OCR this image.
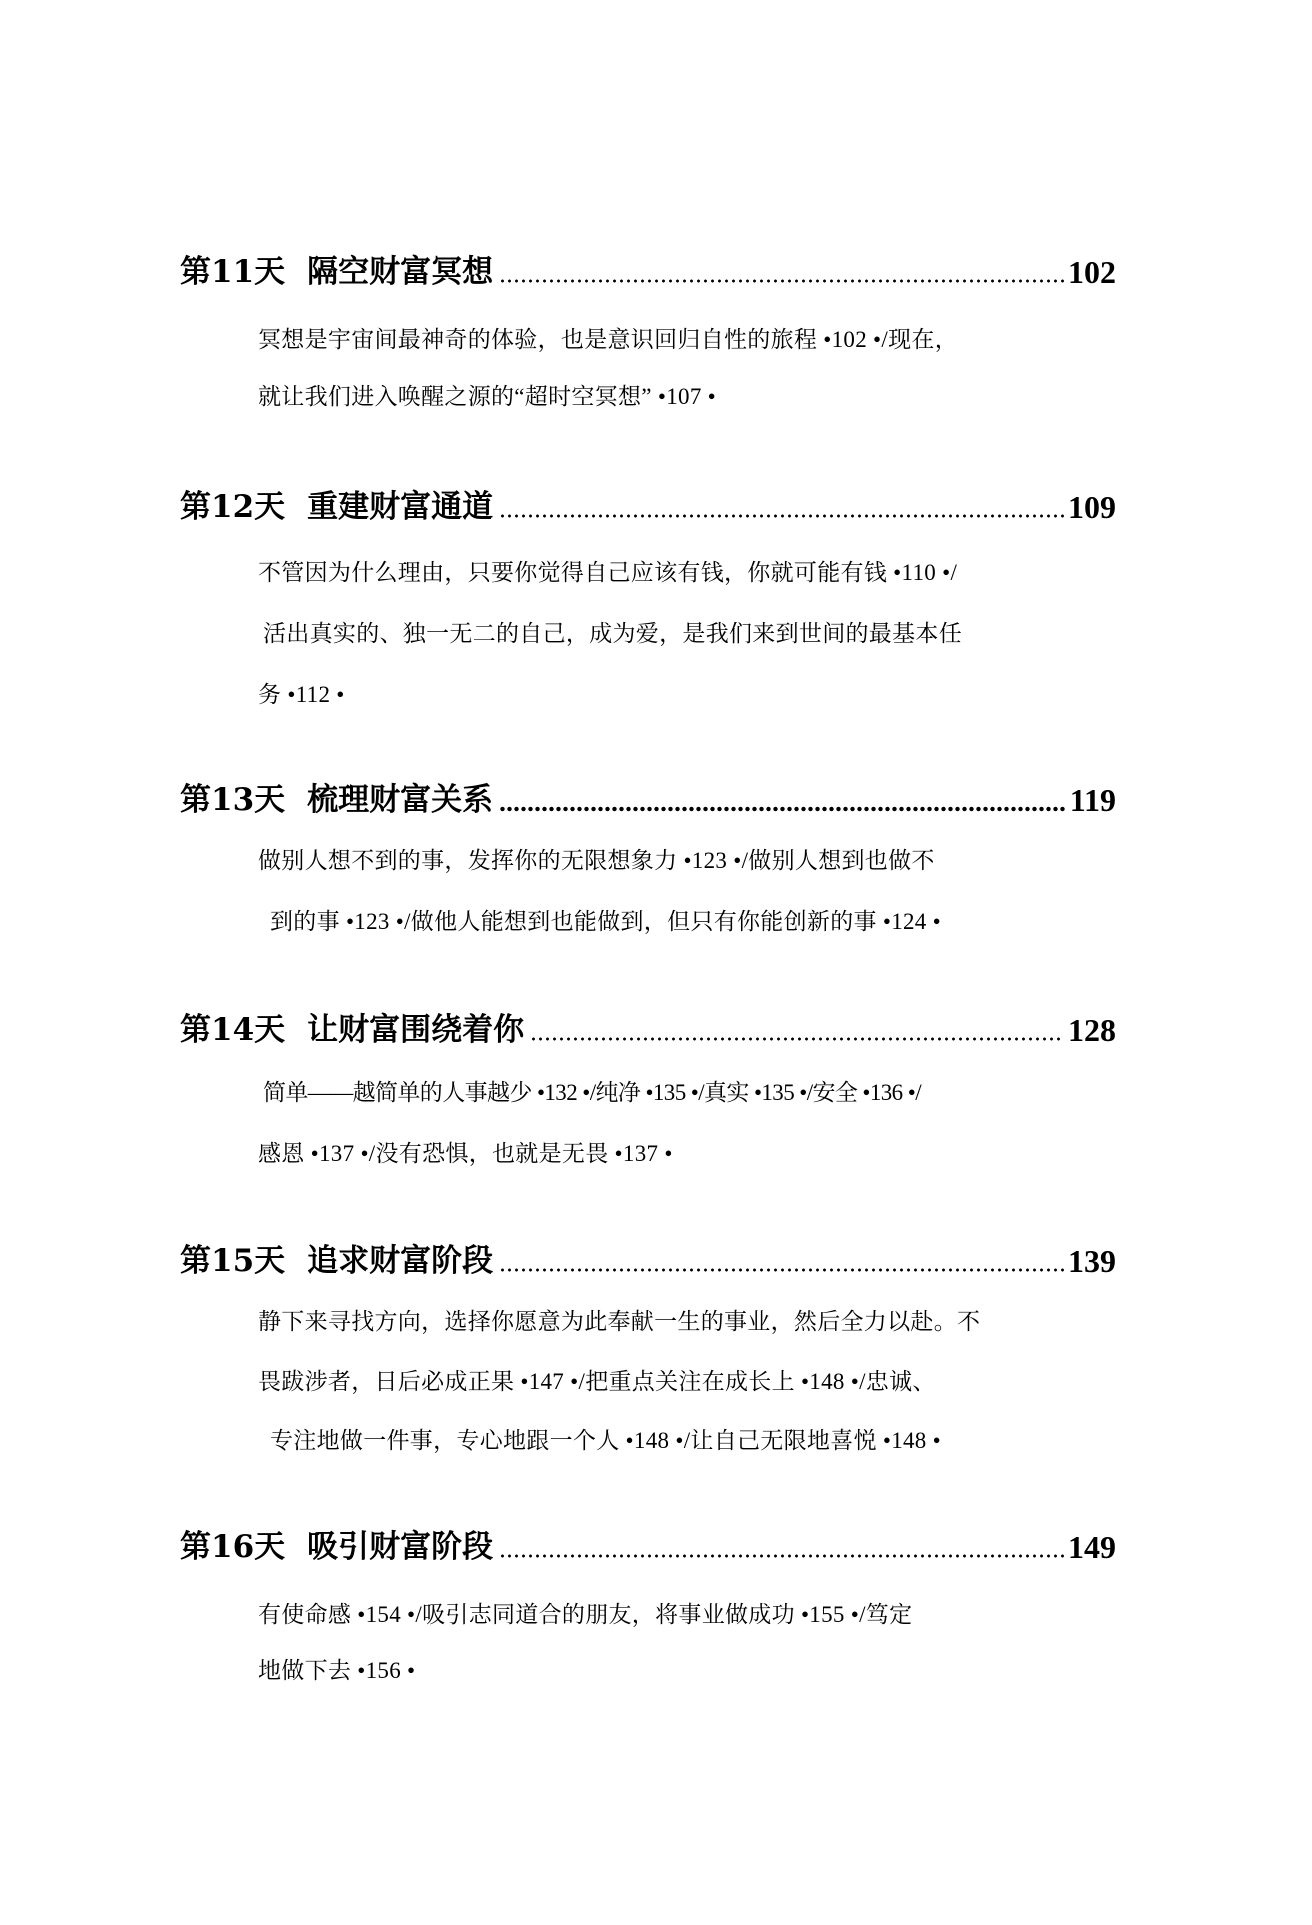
第11天 隔空财富冥想	102
冥想是宇宙间最神奇的体验，也是意识回归自性的旅程 •102 •/现在，
就让我们进入唤醒之源的“超时空冥想” •107 •
第12天 重建财富通道	109
不管因为什么理由，只要你觉得自己应该有钱，你就可能有钱 •110 •/
活出真实的、独一无二的自己，成为爱，是我们来到世间的最基本任
务 •112 •
第13天 梳理财富关系	119
做别人想不到的事，发挥你的无限想象力 •123 •/做别人想到也做不
到的事 •123 •/做他人能想到也能做到，但只有你能创新的事 •124 •
第14天 让财富围绕着你	128
简单——越简单的人事越少 •132 •/纯净 •135 •/真实 •135 •/安全 •136 •/
感恩 •137 •/没有恐惧，也就是无畏 •137 •
第15天 追求财富阶段	139
静下来寻找方向，选择你愿意为此奉献一生的事业，然后全力以赴。不
畏跋涉者，日后必成正果 •147 •/把重点关注在成长上 •148 •/忠诚、
专注地做一件事，专心地跟一个人 •148 •/让自己无限地喜悦 •148 •
第16天 吸引财富阶段	149
有使命感 •154 •/吸引志同道合的朋友，将事业做成功 •155 •/笃定
地做下去 •156 •
